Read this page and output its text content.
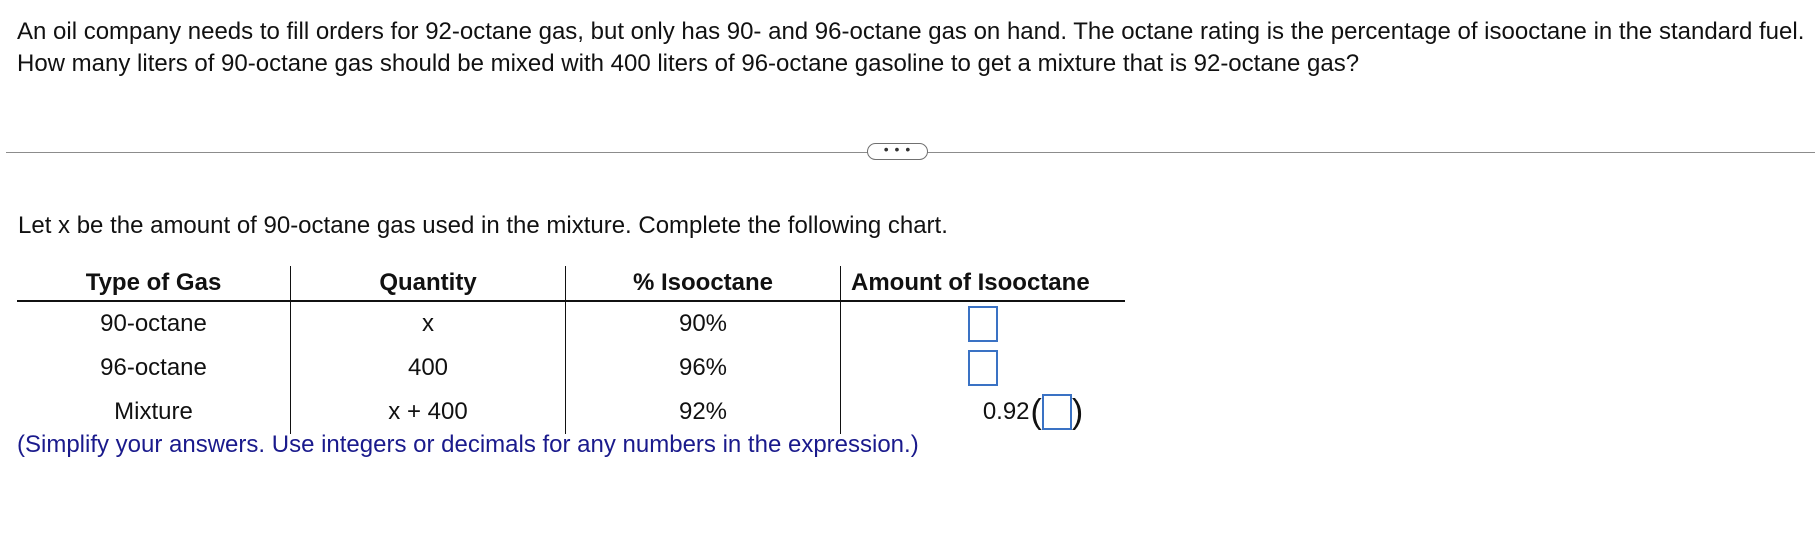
An oil company needs to fill orders for 92-octane gas, but only has 90- and 96-octane gas on hand. The octane rating is the percentage of isooctane in the standard fuel. How many liters of 90-octane gas should be mixed with 400 liters of 96-octane gasoline to get a mixture that is 92-octane gas?
• • •
Let x be the amount of 90-octane gas used in the mixture. Complete the following chart.
Type of Gas	Quantity	% Isooctane	Amount of Isooctane
90-octane	x	90%	
96-octane	400	96%	
Mixture	x + 400	92%	0.92 ( )
(Simplify your answers. Use integers or decimals for any numbers in the expression.)
